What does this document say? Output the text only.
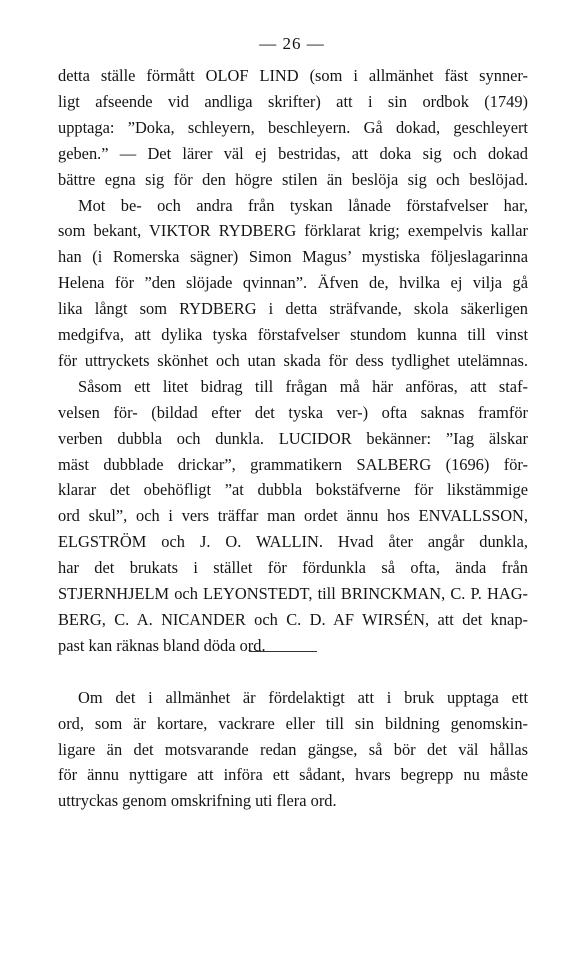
— 26 —
detta ställe förmått OLOF LIND (som i allmänhet fäst synner-
ligt afseende vid andliga skrifter) att i sin ordbok (1749)
upptaga: ”Doka, schleyern, beschleyern. Gå dokad, geschleyert
geben.” — Det lärer väl ej bestridas, att doka sig och dokad
bättre egna sig för den högre stilen än beslöja sig och beslöjad.
Mot be- och andra från tyskan lånade förstafvelser har,
som bekant, VIKTOR RYDBERG förklarat krig; exempelvis kallar
han (i Romerska sägner) Simon Magus’ mystiska följeslagarinna
Helena för ”den slöjade qvinnan”. Äfven de, hvilka ej vilja gå
lika långt som RYDBERG i detta sträfvande, skola säkerligen
medgifva, att dylika tyska förstafvelser stundom kunna till vinst
för uttryckets skönhet och utan skada för dess tydlighet utelämnas.
Såsom ett litet bidrag till frågan må här anföras, att staf-
velsen för- (bildad efter det tyska ver-) ofta saknas framför
verben dubbla och dunkla. LUCIDOR bekänner: ”Iag älskar
mäst dubblade drickar”, grammatikern SALBERG (1696) för-
klarar det obehöfligt ”at dubbla bokstäfverne för likstämmige
ord skul”, och i vers träffar man ordet ännu hos ENVALLSSON,
ELGSTRÖM och J. O. WALLIN. Hvad åter angår dunkla,
har det brukats i stället för fördunkla så ofta, ända från
STJERNHJELM och LEYONSTEDT, till BRINCKMAN, C. P. HAG-
BERG, C. A. NICANDER och C. D. AF WIRSÉN, att det knap-
past kan räknas bland döda ord.
Om det i allmänhet är fördelaktigt att i bruk upptaga ett
ord, som är kortare, vackrare eller till sin bildning genomskin-
ligare än det motsvarande redan gängse, så bör det väl hållas
för ännu nyttigare att införa ett sådant, hvars begrepp nu måste
uttryckas genom omskrifning uti flera ord.
